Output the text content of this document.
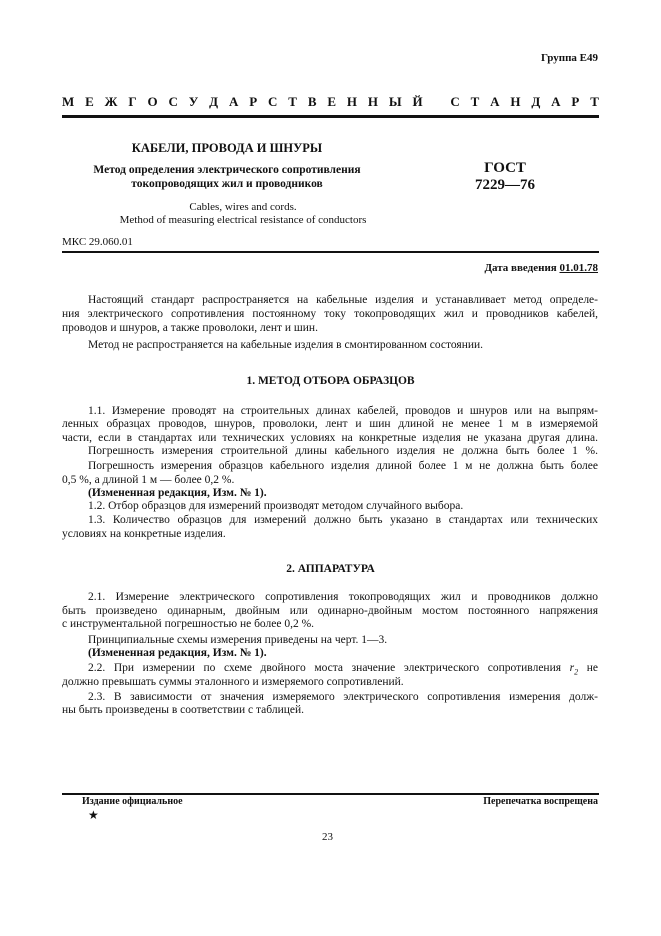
Группа Е49
М Е Ж Г О С У Д А Р С Т В Е Н Н Ы Й С Т А Н Д А Р Т
КАБЕЛИ, ПРОВОДА И ШНУРЫ
Метод определения электрического сопротивления
токопроводящих жил и проводников
ГОСТ
7229—76
Cables, wires and cords.
Method of measuring electrical resistance of conductors
МКС 29.060.01
Дата введения 01.01.78
Настоящий стандарт распространяется на кабельные изделия и устанавливает метод определе-
ния электрического сопротивления постоянному току токопроводящих жил и проводников кабелей,
проводов и шнуров, а также проволоки, лент и шин.
Метод не распространяется на кабельные изделия в смонтированном состоянии.
1. МЕТОД ОТБОРА ОБРАЗЦОВ
1.1. Измерение проводят на строительных длинах кабелей, проводов и шнуров или на выпрям-
ленных образцах проводов, шнуров, проволоки, лент и шин длиной не менее 1 м в измеряемой
части, если в стандартах или технических условиях на конкретные изделия не указана другая длина.
Погрешность измерения строительной длины кабельного изделия не должна быть более 1 %.
Погрешность измерения образцов кабельного изделия длиной более 1 м не должна быть более
0,5 %, а длиной 1 м — более 0,2 %.
(Измененная редакция, Изм. № 1).
1.2. Отбор образцов для измерений производят методом случайного выбора.
1.3. Количество образцов для измерений должно быть указано в стандартах или технических
условиях на конкретные изделия.
2. АППАРАТУРА
2.1. Измерение электрического сопротивления токопроводящих жил и проводников должно
быть произведено одинарным, двойным или одинарно-двойным мостом постоянного напряжения
с инструментальной погрешностью не более 0,2 %.
Принципиальные схемы измерения приведены на черт. 1—3.
(Измененная редакция, Изм. № 1).
2.2. При измерении по схеме двойного моста значение электрического сопротивления $r_2$ не
должно превышать суммы эталонного и измеряемого сопротивлений.
2.3. В зависимости от значения измеряемого электрического сопротивления измерения долж-
ны быть произведены в соответствии с таблицей.
Издание официальное	Перепечатка воспрещена
★
23
